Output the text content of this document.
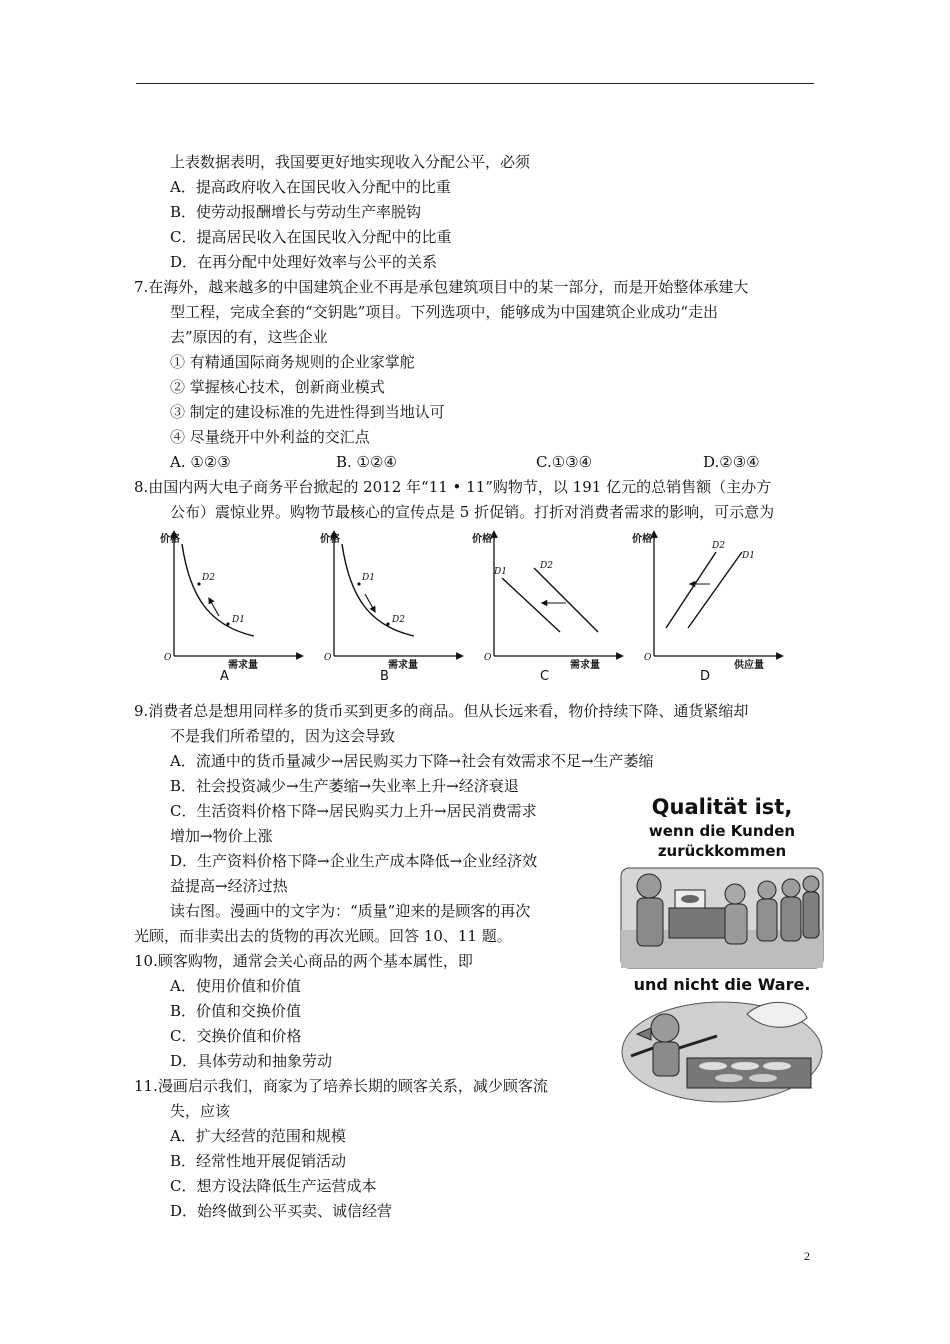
上表数据表明，我国要更好地实现收入分配公平，必须
A．提高政府收入在国民收入分配中的比重
B．使劳动报酬增长与劳动生产率脱钩
C．提高居民收入在国民收入分配中的比重
D．在再分配中处理好效率与公平的关系
7.在海外，越来越多的中国建筑企业不再是承包建筑项目中的某一部分，而是开始整体承建大
型工程，完成全套的“交钥匙”项目。下列选项中，能够成为中国建筑企业成功“走出
去”原因的有，这些企业
① 有精通国际商务规则的企业家掌舵
② 掌握核心技术，创新商业模式
③ 制定的建设标准的先进性得到当地认可
④ 尽量绕开中外利益的交汇点
A. ①②③	B. ①②④	C.①③④	D.②③④
8.由国内两大电子商务平台掀起的 2012 年“11 • 11”购物节，以 191 亿元的总销售额（主办方
公布）震惊业界。购物节最核心的宣传点是 5 折促销。打折对消费者需求的影响，可示意为
价格
O
D2
D1
需求量
A
价格
O
D1
D2
需求量
B
价格
O
D1
D2
需求量
C
价格
O
D2
D1
供应量
D
9.消费者总是想用同样多的货币买到更多的商品。但从长远来看，物价持续下降、通货紧缩却
不是我们所希望的，因为这会导致
A．流通中的货币量减少→居民购买力下降→社会有效需求不足→生产萎缩
B．社会投资减少→生产萎缩→失业率上升→经济衰退
C．生活资料价格下降→居民购买力上升→居民消费需求
增加→物价上涨
D．生产资料价格下降→企业生产成本降低→企业经济效
益提高→经济过热
读右图。漫画中的文字为：“质量”迎来的是顾客的再次
光顾，而非卖出去的货物的再次光顾。回答 10、11 题。
10.顾客购物，通常会关心商品的两个基本属性，即
A．使用价值和价值
B．价值和交换价值
C．交换价值和价格
D．具体劳动和抽象劳动
11.漫画启示我们，商家为了培养长期的顾客关系，减少顾客流
失，应该
A．扩大经营的范围和规模
B．经常性地开展促销活动
C．想方设法降低生产运营成本
D．始终做到公平买卖、诚信经营
Qualität ist,
wenn die Kunden
zurückkommen
und nicht die Ware.
2
